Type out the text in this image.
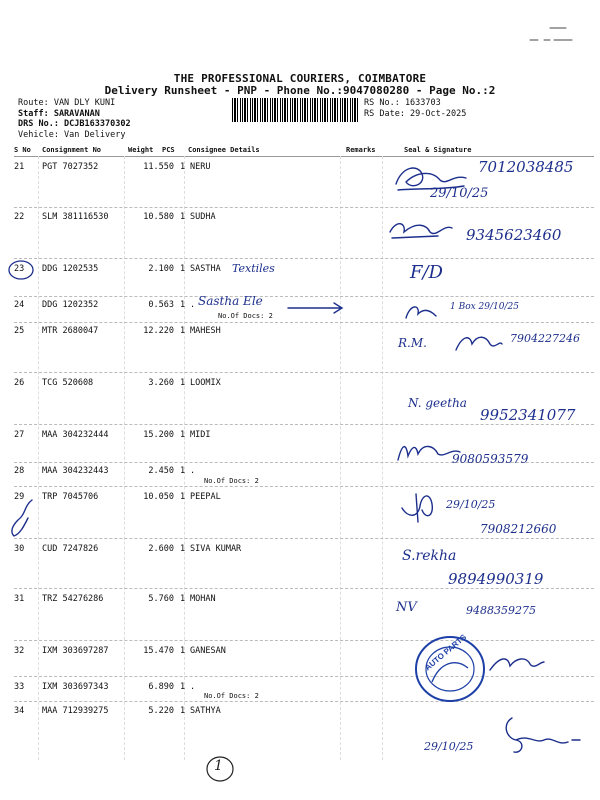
THE PROFESSIONAL COURIERS, COIMBATORE
Delivery Runsheet - PNP - Phone No.:9047080280 - Page No.:2
Route: VAN DLY KUNI
Staff: SARAVANAN
DRS No.: DCJB163370302
Vehicle: Van Delivery
RS No.: 1633703
RS Date: 29-Oct-2025
S No Consignment No	Weight PCS Consignee Details	Remarks	Seal & Signature
21 PGT 7027352	11.550 1 NERU
22 SLM 381116530	10.580 1 SUDHA
23 DDG 1202535	2.100 1 SASTHA
24 DDG 1202352	0.563 1 .
No.Of Docs: 2
25 MTR 2680047	12.220 1 MAHESH
26 TCG 520608	3.260 1 LOOMIX
27 MAA 304232444	15.200 1 MIDI
28 MAA 304232443	2.450 1 .
No.Of Docs: 2
29 TRP 7045706	10.050 1 PEEPAL
30 CUD 7247826	2.600 1 SIVA KUMAR
31 TRZ 54276286	5.760 1 MOHAN
32 IXM 303697287	15.470 1 GANESAN
33 IXM 303697343	6.890 1 .
No.Of Docs: 2
34 MAA 712939275	5.220 1 SATHYA
7012038485
29/10/25
9345623460
Textiles	F/D
Sastha Ele	1 Box 29/10/25
R.M.	7904227246
N. geetha
9952341077
9080593579
29/10/25
7908212660
S.rekha
9894990319
NV	9488359275
AUTO PARTS
29/10/25
1
